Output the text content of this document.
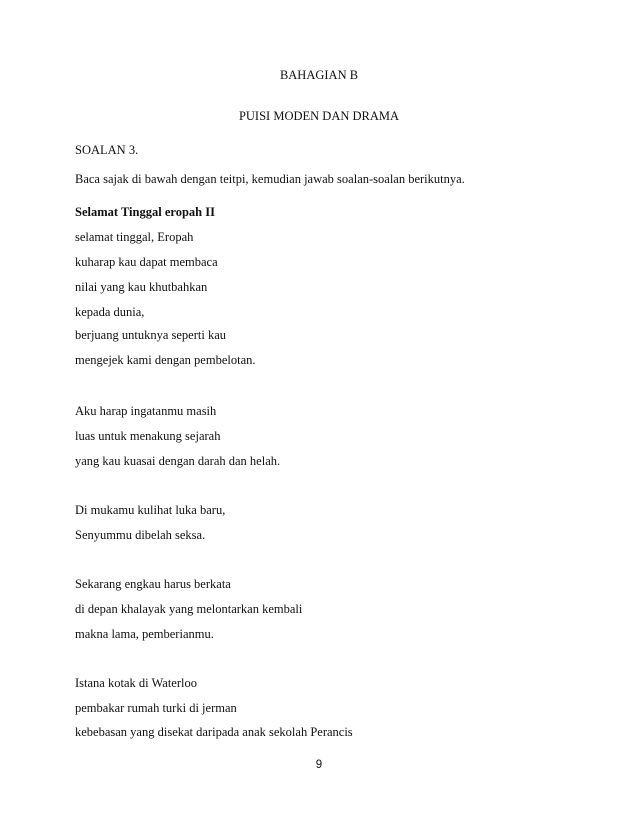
BAHAGIAN B
PUISI MODEN DAN DRAMA
SOALAN 3.
Baca sajak di bawah dengan teitpi, kemudian jawab soalan-soalan berikutnya.
Selamat Tinggal eropah II
selamat tinggal, Eropah
kuharap kau dapat membaca
nilai yang kau khutbahkan
kepada dunia,
berjuang untuknya seperti kau
mengejek kami dengan pembelotan.
Aku harap ingatanmu masih
luas untuk menakung sejarah
yang kau kuasai dengan darah dan helah.
Di mukamu kulihat luka baru,
Senyummu dibelah seksa.
Sekarang engkau harus berkata
di depan khalayak yang melontarkan kembali
makna lama, pemberianmu.
Istana kotak di Waterloo
pembakar rumah turki di jerman
kebebasan yang disekat daripada anak sekolah Perancis
9
